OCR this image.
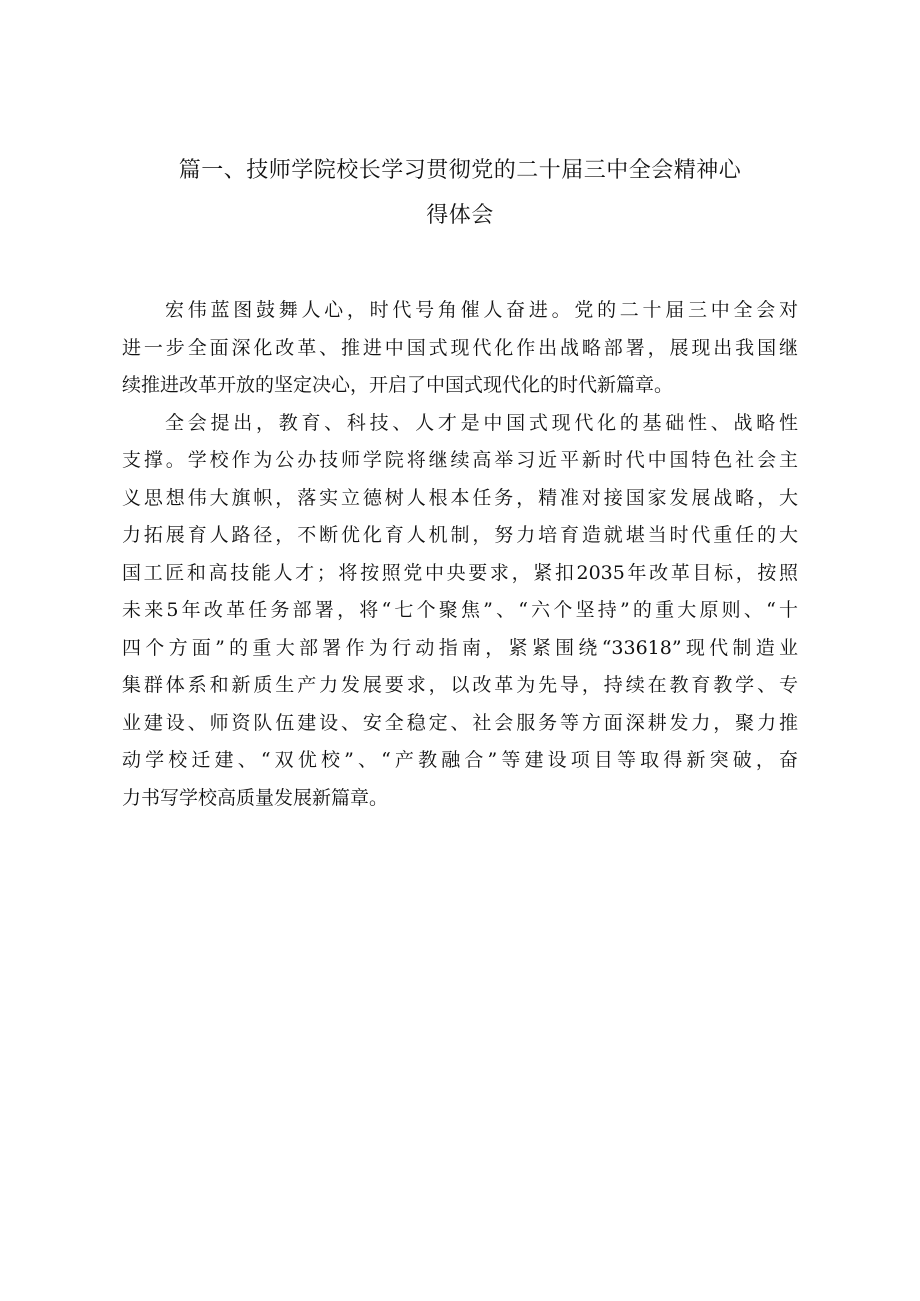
篇一、技师学院校长学习贯彻党的二十届三中全会精神心
得体会

宏伟蓝图鼓舞人心，时代号角催人奋进。党的二十届三中全会对
进一步全面深化改革、推进中国式现代化作出战略部署，展现出我国继
续推进改革开放的坚定决心，开启了中国式现代化的时代新篇章。

全会提出，教育、科技、人才是中国式现代化的基础性、战略性
支撑。学校作为公办技师学院将继续高举习近平新时代中国特色社会主
义思想伟大旗帜，落实立德树人根本任务，精准对接国家发展战略，大
力拓展育人路径，不断优化育人机制，努力培育造就堪当时代重任的大
国工匠和高技能人才；将按照党中央要求，紧扣2035年改革目标，按照
未来5年改革任务部署，将“七个聚焦”、“六个坚持”的重大原则、“十
四个方面”的重大部署作为行动指南，紧紧围绕“33618”现代制造业
集群体系和新质生产力发展要求，以改革为先导，持续在教育教学、专
业建设、师资队伍建设、安全稳定、社会服务等方面深耕发力，聚力推
动学校迁建、“双优校”、“产教融合”等建设项目等取得新突破，奋
力书写学校高质量发展新篇章。
